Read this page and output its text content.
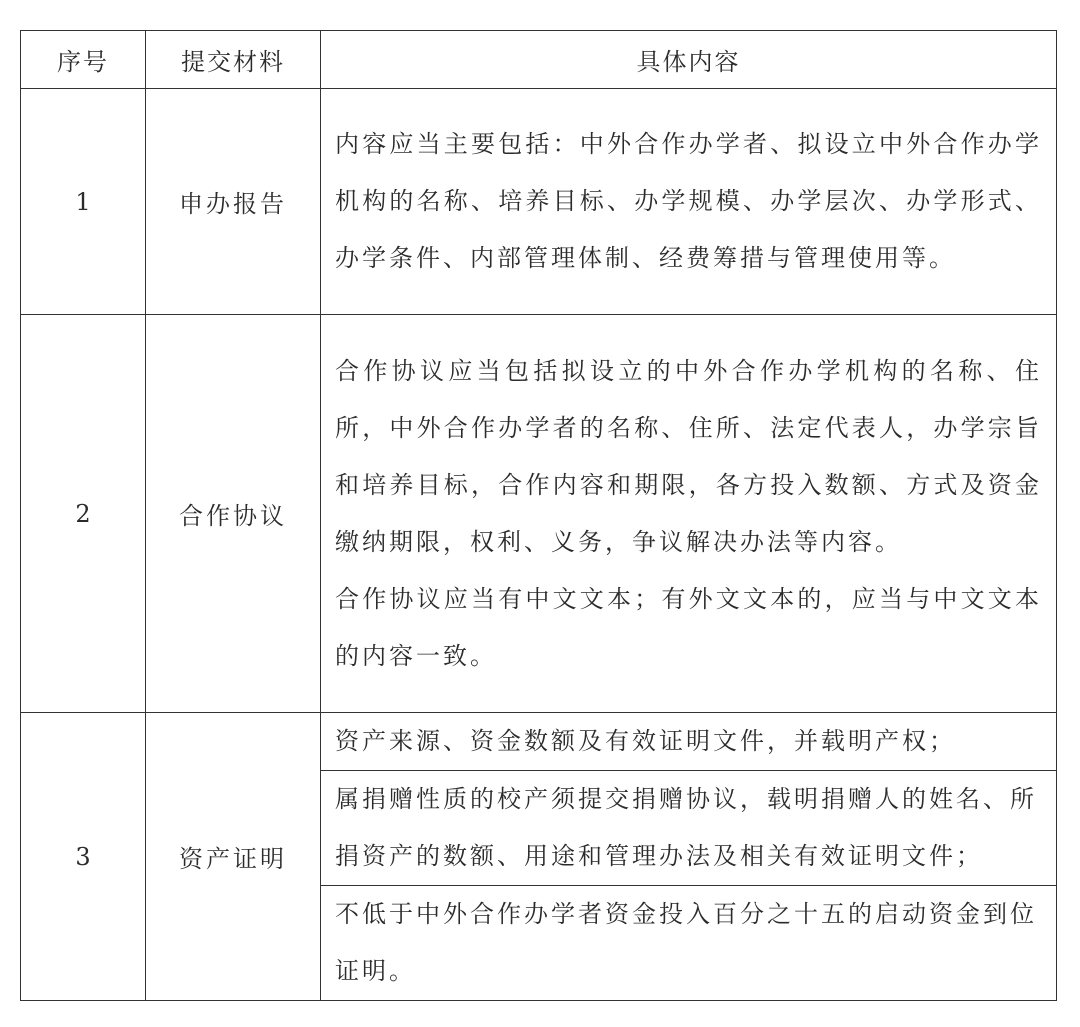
序号	提交材料	具体内容
1	申办报告	内容应当主要包括：中外合作办学者、拟设立中外合作办学机构的名称、培养目标、办学规模、办学层次、办学形式、办学条件、内部管理体制、经费筹措与管理使用等。

2	合作协议	合作协议应当包括拟设立的中外合作办学机构的名称、住所，中外合作办学者的名称、住所、法定代表人，办学宗旨和培养目标，合作内容和期限，各方投入数额、方式及资金缴纳期限，权利、义务，争议解决办法等内容。

合作协议应当有中文文本；有外文文本的，应当与中文文本的内容一致。

3	资产证明	资产来源、资金数额及有效证明文件，并载明产权；
属捐赠性质的校产须提交捐赠协议，载明捐赠人的姓名、所捐资产的数额、用途和管理办法及相关有效证明文件；
不低于中外合作办学者资金投入百分之十五的启动资金到位证明。
